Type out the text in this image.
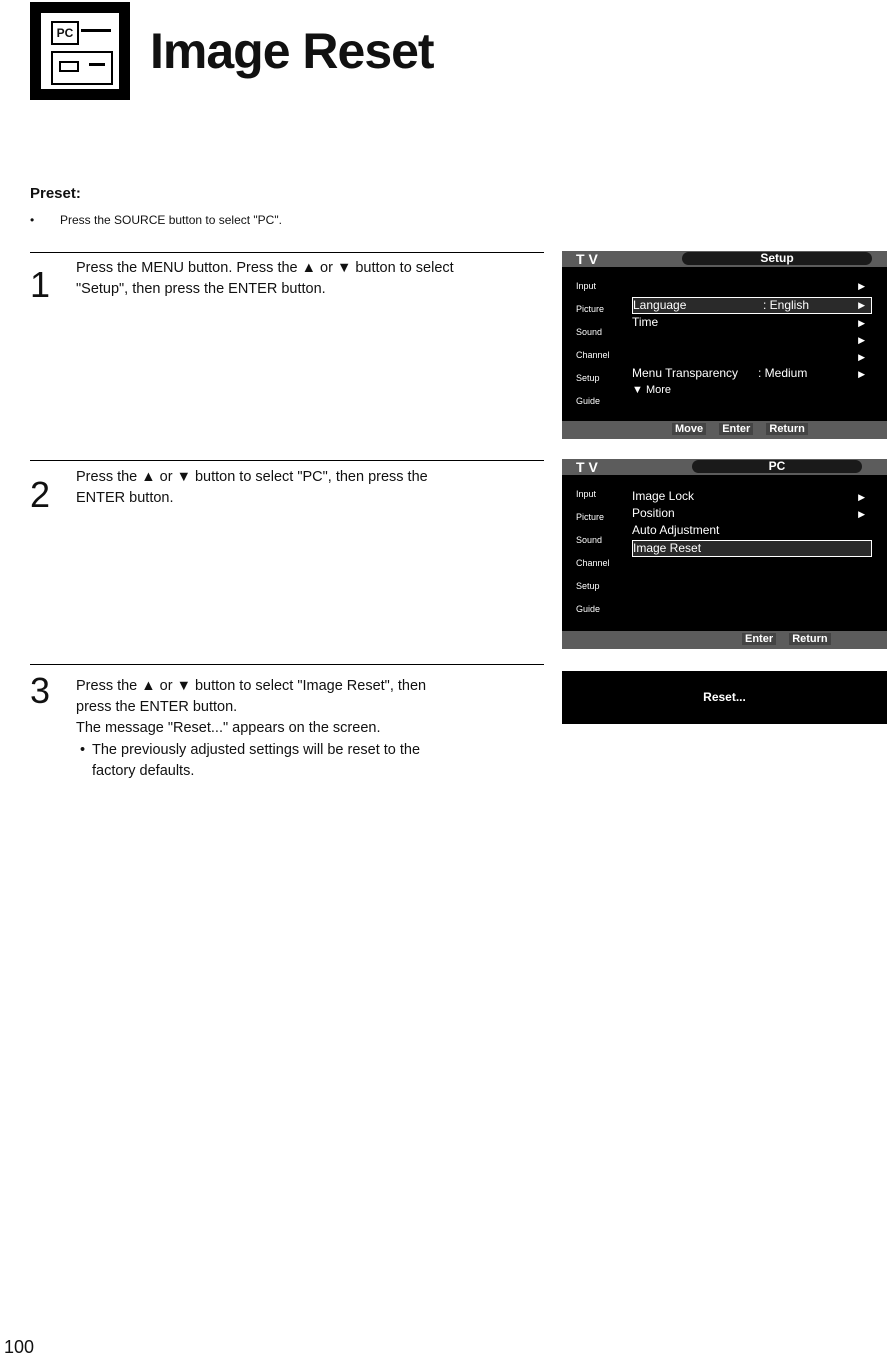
PC Image Reset
Preset:
• Press the SOURCE button to select "PC".
1 Press the MENU button. Press the ▲ or ▼ button to select
"Setup", then press the ENTER button.
2 Press the ▲ or ▼ button to select "PC", then press the
ENTER button.
3 Press the ▲ or ▼ button to select "Image Reset", then
press the ENTER button.
The message "Reset..." appears on the screen.
• The previously adjusted settings will be reset to the
factory defaults.
T V	Setup
Input
Picture
Sound
Channel
Setup
Guide
▶
Language	: English	▶
Time	▶
▶
▶
Menu Transparency : Medium	▶
▼ More
Move Enter Return
T V	PC
Input
Picture
Sound
Channel
Setup
Guide
Image Lock	▶
Position	▶
Auto Adjustment
Image Reset
Enter Return
Reset...
100
